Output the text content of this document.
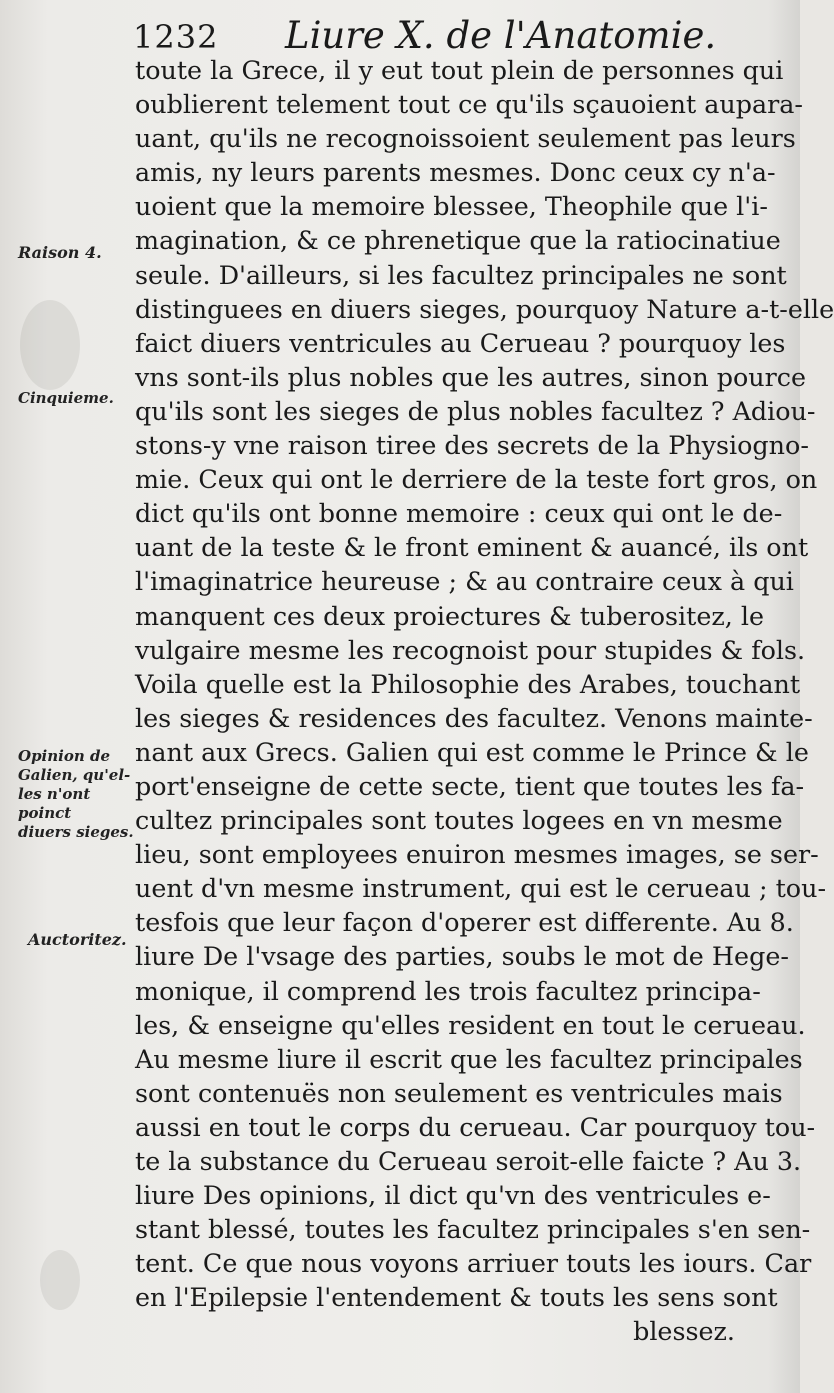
1232 Liure X. de l'Anatomie.
Raison 4.
Cinquieme.
Opinion de
Galien, qu'el-
les n'ont poinct
diuers sieges.
Auctoritez.
toute la Grece, il y eut tout plein de personnes qui
oublierent telement tout ce qu'ils sçauoient aupara-
uant, qu'ils ne recognoissoient seulement pas leurs
amis, ny leurs parents mesmes. Donc ceux cy n'a-
uoient que la memoire blessee, Theophile que l'i-
magination, & ce phrenetique que la ratiocinatiue
seule. D'ailleurs, si les facultez principales ne sont
distinguees en diuers sieges, pourquoy Nature a-t-elle
faict diuers ventricules au Cerueau ? pourquoy les
vns sont-ils plus nobles que les autres, sinon pource
qu'ils sont les sieges de plus nobles facultez ? Adiou-
stons-y vne raison tiree des secrets de la Physiogno-
mie. Ceux qui ont le derriere de la teste fort gros, on
dict qu'ils ont bonne memoire : ceux qui ont le de-
uant de la teste & le front eminent & auancé, ils ont
l'imaginatrice heureuse ; & au contraire ceux à qui
manquent ces deux proiectures & tuberositez, le
vulgaire mesme les recognoist pour stupides & fols.
Voila quelle est la Philosophie des Arabes, touchant
les sieges & residences des facultez. Venons mainte-
nant aux Grecs. Galien qui est comme le Prince & le
port'enseigne de cette secte, tient que toutes les fa-
cultez principales sont toutes logees en vn mesme
lieu, sont employees enuiron mesmes images, se ser-
uent d'vn mesme instrument, qui est le cerueau ; tou-
tesfois que leur façon d'operer est differente. Au 8.
liure De l'vsage des parties, soubs le mot de Hege-
monique, il comprend les trois facultez principa-
les, & enseigne qu'elles resident en tout le cerueau.
Au mesme liure il escrit que les facultez principales
sont contenuës non seulement es ventricules mais
aussi en tout le corps du cerueau. Car pourquoy tou-
te la substance du Cerueau seroit-elle faicte ? Au 3.
liure Des opinions, il dict qu'vn des ventricules e-
stant blessé, toutes les facultez principales s'en sen-
tent. Ce que nous voyons arriuer touts les iours. Car
en l'Epilepsie l'entendement & touts les sens sont
blessez.
